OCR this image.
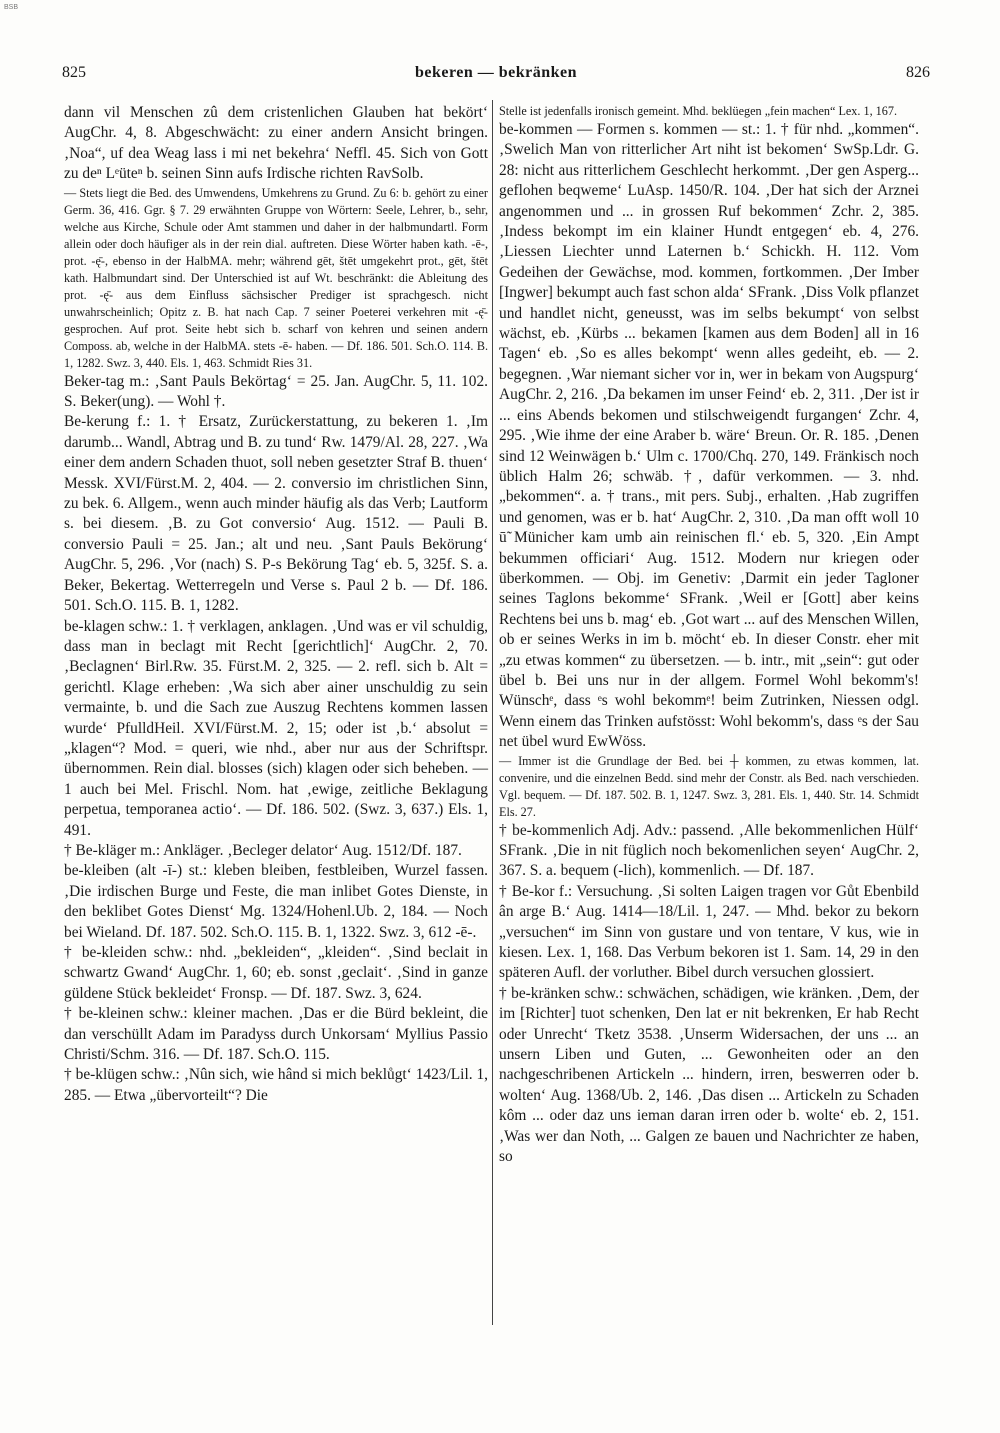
BSB
825	bekeren — bekränken	826

dann vil Menschen zû dem cristenlichen Glauben hat bekört‘ AugChr. 4, 8. Abgeschwächt: zu einer andern Ansicht bringen. ‚Noa“, uf dea Weag lass i mi net bekehra‘ Neffl. 45. Sich von Gott zu deⁿ Lᵉüteⁿ b. seinen Sinn aufs Irdische richten RavSolb.

— Stets liegt die Bed. des Umwendens, Umkehrens zu Grund. Zu 6: b. gehört zu einer Germ. 36, 416. Ggr. § 7. 29 erwähnten Gruppe von Wörtern: Seele, Lehrer, b., sehr, welche aus Kirche, Schule oder Amt stammen und daher in der halbmundartl. Form allein oder doch häufiger als in der rein dial. auftreten. Diese Wörter haben kath. -ē-, prot. -ę̄-, ebenso in der HalbMA. mehr; während gēt, štēt umgekehrt prot., gēt, štēt kath. Halbmundart sind. Der Unterschied ist auf Wt. beschränkt: die Ableitung des prot. -ę̄- aus dem Einfluss sächsischer Prediger ist sprachgesch. nicht unwahrscheinlich; Opitz z. B. hat nach Cap. 7 seiner Poeterei verkehren mit -ę̄- gesprochen. Auf prot. Seite hebt sich b. scharf von kehren und seinen andern Composs. ab, welche in der HalbMA. stets -ē- haben. — Df. 186. 501. Sch.O. 114. B. 1, 1282. Swz. 3, 440. Els. 1, 463. Schmidt Ries 31.

Beker-tag m.: ‚Sant Pauls Bekörtag‘ = 25. Jan. AugChr. 5, 11. 102. S. Beker(ung). — Wohl †.

Be-kerung f.: 1. † Ersatz, Zurückerstattung, zu bekeren 1. ‚Im darumb... Wandl, Abtrag und B. zu tund‘ Rw. 1479/Al. 28, 227. ‚Wa einer dem andern Schaden thuot, soll neben gesetzter Straf B. thuen‘ Messk. XVI/Fürst.M. 2, 404. — 2. conversio im christlichen Sinn, zu bek. 6. Allgem., wenn auch minder häufig als das Verb; Lautform s. bei diesem. ‚B. zu Got conversio‘ Aug. 1512. — Pauli B. conversio Pauli = 25. Jan.; alt und neu. ‚Sant Pauls Bekörung‘ AugChr. 5, 296. ‚Vor (nach) S. P-s Bekörung Tag‘ eb. 5, 325f. S. a. Beker, Bekertag. Wetterregeln und Verse s. Paul 2 b. — Df. 186. 501. Sch.O. 115. B. 1, 1282.

be-klagen schw.: 1. † verklagen, anklagen. ‚Und was er vil schuldig, dass man in beclagt mit Recht [gerichtlich]‘ AugChr. 2, 70. ‚Beclagnen‘ Birl.Rw. 35. Fürst.M. 2, 325. — 2. refl. sich b. Alt = gerichtl. Klage erheben: ‚Wa sich aber ainer unschuldig zu sein vermainte, b. und die Sach zue Auszug Rechtens kommen lassen wurde‘ PfulldHeil. XVI/Fürst.M. 2, 15; oder ist ‚b.‘ absolut = „klagen“? Mod. = queri, wie nhd., aber nur aus der Schriftspr. übernommen. Rein dial. blosses (sich) klagen oder sich beheben. — 1 auch bei Mel. Frischl. Nom. hat ‚ewige, zeitliche Beklagung perpetua, temporanea actio‘. — Df. 186. 502. (Swz. 3, 637.) Els. 1, 491.

† Be-kläger m.: Ankläger. ‚Becleger delator‘ Aug. 1512/Df. 187.

be-kleiben (alt -ī-) st.: kleben bleiben, festbleiben, Wurzel fassen. ‚Die irdischen Burge und Feste, die man inlibet Gotes Dienste, in den beklibet Gotes Dienst‘ Mg. 1324/Hohenl.Ub. 2, 184. — Noch bei Wieland. Df. 187. 502. Sch.O. 115. B. 1, 1322. Swz. 3, 612 -ē-.

† be-kleiden schw.: nhd. „bekleiden“, „kleiden“. ‚Sind beclait in schwartz Gwand‘ AugChr. 1, 60; eb. sonst ‚geclait‘. ‚Sind in ganze güldene Stück bekleidet‘ Fronsp. — Df. 187. Swz. 3, 624.

† be-kleinen schw.: kleiner machen. ‚Das er die Bürd bekleint, die dan verschüllt Adam im Paradyss durch Unkorsam‘ Myllius Passio Christi/Schm. 316. — Df. 187. Sch.O. 115.

† be-klügen schw.: ‚Nûn sich, wie hând si mich beklůgt‘ 1423/Lil. 1, 285. — Etwa „übervorteilt“? Die

Stelle ist jedenfalls ironisch gemeint. Mhd. beklüegen „fein machen“ Lex. 1, 167.

be-kommen — Formen s. kommen — st.: 1. † für nhd. „kommen“. ‚Swelich Man von ritterlicher Art niht ist bekomen‘ SwSp.Ldr. G. 28: nicht aus ritterlichem Geschlecht herkommt. ‚Der gen Asperg... geflohen beqweme‘ LuAsp. 1450/R. 104. ‚Der hat sich der Arznei angenommen und ... in grossen Ruf bekommen‘ Zchr. 2, 385. ‚Indess bekompt im ein klainer Hundt entgegen‘ eb. 4, 276. ‚Liessen Liechter unnd Laternen b.‘ Schickh. H. 112. Vom Gedeihen der Gewächse, mod. kommen, fortkommen. ‚Der Imber [Ingwer] bekumpt auch fast schon alda‘ SFrank. ‚Diss Volk pflanzet und handlet nicht, geneusst, was im selbs bekumpt‘ von selbst wächst, eb. ‚Kürbs ... bekamen [kamen aus dem Boden] all in 16 Tagen‘ eb. ‚So es alles bekompt‘ wenn alles gedeiht, eb. — 2. begegnen. ‚War niemant sicher vor in, wer in bekam von Augspurg‘ AugChr. 2, 216. ‚Da bekamen im unser Feind‘ eb. 2, 311. ‚Der ist ir ... eins Abends bekomen und stilschweigendt furgangen‘ Zchr. 4, 295. ‚Wie ihme der eine Araber b. wäre‘ Breun. Or. R. 185. ‚Denen sind 12 Weinwägen b.‘ Ulm c. 1700/Chq. 270, 149. Fränkisch noch üblich Halm 26; schwäb. †, dafür verkommen. — 3. nhd. „bekommen“. a. † trans., mit pers. Subj., erhalten. ‚Hab zugriffen und genomen, was er b. hat‘ AugChr. 2, 310. ‚Da man offt woll 10 ū̃ Münicher kam umb ain reinischen fl.‘ eb. 5, 320. ‚Ein Ampt bekummen officiari‘ Aug. 1512. Modern nur kriegen oder überkommen. — Obj. im Genetiv: ‚Darmit ein jeder Tagloner seines Taglons bekomme‘ SFrank. ‚Weil er [Gott] aber keins Rechtens bei uns b. mag‘ eb. ‚Got wart ... auf des Menschen Willen, ob er seines Werks in im b. möcht‘ eb. In dieser Constr. eher mit „zu etwas kommen“ zu übersetzen. — b. intr., mit „sein“: gut oder übel b. Bei uns nur in der allgem. Formel Wohl bekomm's! Wünschᵉ, dass ᵉs wohl bekommᵉ! beim Zutrinken, Niessen odgl. Wenn einem das Trinken aufstösst: Wohl bekomm's, dass ᵉs der Sau net übel wurd EwWöss.

— Immer ist die Grundlage der Bed. bei ┼ kommen, zu etwas kommen, lat. convenire, und die einzelnen Bedd. sind mehr der Constr. als Bed. nach verschieden. Vgl. bequem. — Df. 187. 502. B. 1, 1247. Swz. 3, 281. Els. 1, 440. Str. 14. Schmidt Els. 27.

† be-kommenlich Adj. Adv.: passend. ‚Alle bekommenlichen Hülf‘ SFrank. ‚Die in nit füglich noch bekomenlichen seyen‘ AugChr. 2, 367. S. a. bequem (-lich), kommenlich. — Df. 187.

† Be-kor f.: Versuchung. ‚Si solten Laigen tragen vor Gůt Ebenbild ân arge B.‘ Aug. 1414—18/Lil. 1, 247. — Mhd. bekor zu bekorn „versuchen“ im Sinn von gustare und von tentare, V kus, wie in kiesen. Lex. 1, 168. Das Verbum bekoren ist 1. Sam. 14, 29 in den späteren Aufl. der vorluther. Bibel durch versuchen glossiert.

† be-kränken schw.: schwächen, schädigen, wie kränken. ‚Dem, der im [Richter] tuot schenken, Den lat er nit bekrenken, Er hab Recht oder Unrecht‘ Tketz 3538. ‚Unserm Widersachen, der uns ... an unsern Liben und Guten, ... Gewonheiten oder an den nachgeschribenen Artickeln ... hindern, irren, beswerren oder b. wolten‘ Aug. 1368/Ub. 2, 146. ‚Das disen ... Artickeln zu Schaden kôm ... oder daz uns ieman daran irren oder b. wolte‘ eb. 2, 151. ‚Was wer dan Noth, ... Galgen ze bauen und Nachrichter ze haben, so
